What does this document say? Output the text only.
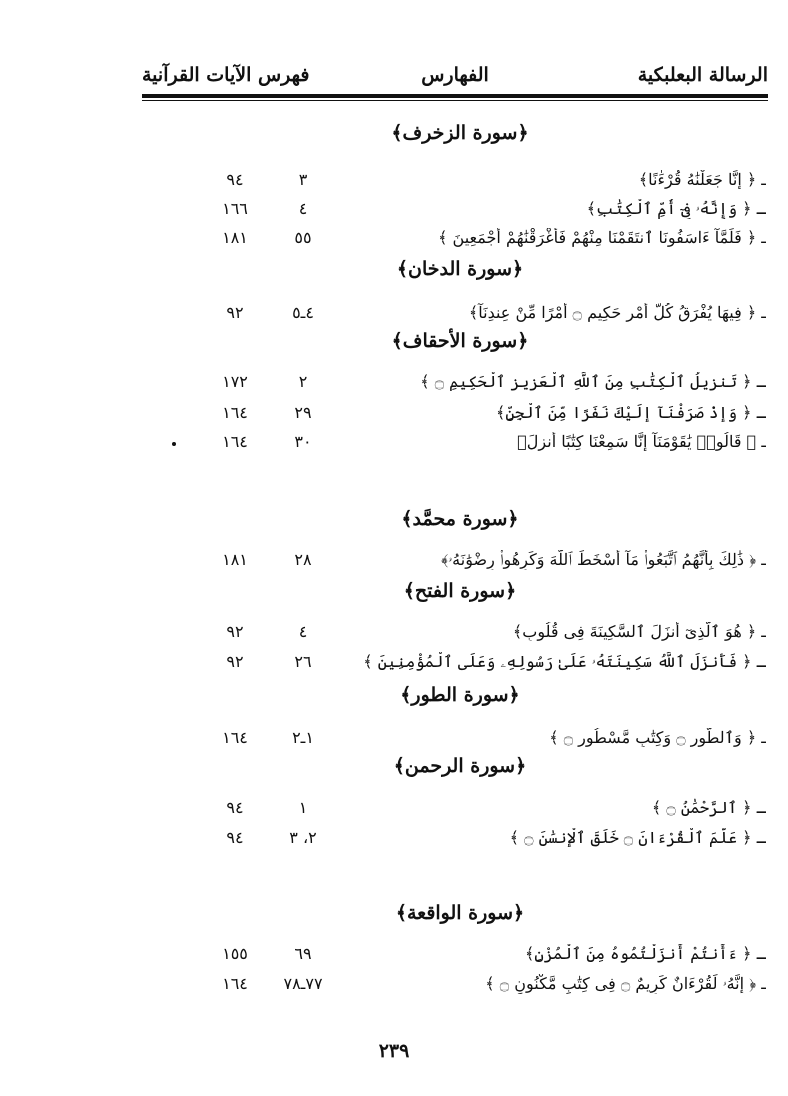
الرسالة البعلبكية
الفهارس
فهرس الآيات القرآنية
﴿سورة الزخرف﴾
ـ ﴿ إِنَّا جَعَلْنَٰهُ قُرْءَٰنًا﴾
٣
٩٤
ـ ﴿ وَإِنَّهُۥ فِىٓ أُمِّ ٱلْكِتَٰبِ﴾
٤
١٦٦
ـ ﴿ فَلَمَّآ ءَاسَفُونَا ٱنتَقَمْنَا مِنْهُمْ فَأَغْرَقْنَٰهُمْ أَجْمَعِينَ ﴾
٥٥
١٨١
﴿سورة الدخان﴾
ـ ﴿ فِيهَا يُفْرَقُ كُلُّ أَمْرٍ حَكِيمٍ ۝ أَمْرًا مِّنْ عِندِنَآ﴾
٤ـ٥
٩٢
﴿سورة الأحقاف﴾
ـ ﴿ تَنزِيلُ ٱلْكِتَٰبِ مِنَ ٱللَّهِ ٱلْعَزِيزِ ٱلْحَكِيمِ ۝ ﴾
٢
١٧٢
ـ ﴿ وَإِذْ صَرَفْنَآ إِلَيْكَ نَفَرًا مِّنَ ٱلْجِنِّ﴾
٢٩
١٦٤
ـ ﴿ قَالُوا۟ يَٰقَوْمَنَآ إِنَّا سَمِعْنَا كِتَٰبًا أُنزِلَ﴾
٣٠
١٦٤
﴿سورة محمَّد﴾
ـ ﴿ ذَٰلِكَ بِأَنَّهُمُ ٱتَّبَعُوا۟ مَآ أَسْخَطَ ٱللَّهَ وَكَرِهُوا۟ رِضْوَٰنَهُۥ﴾
٢٨
١٨١
﴿سورة الفتح﴾
ـ ﴿ هُوَ ٱلَّذِىٓ أَنزَلَ ٱلسَّكِينَةَ فِى قُلُوبِ﴾
٤
٩٢
ـ ﴿ فَأَنزَلَ ٱللَّهُ سَكِينَتَهُۥ عَلَىٰ رَسُولِهِۦ وَعَلَى ٱلْمُؤْمِنِينَ ﴾
٢٦
٩٢
﴿سورة الطور﴾
ـ ﴿ وَٱلطُّورِ ۝ وَكِتَٰبٍ مَّسْطُورٍ ۝ ﴾
١ـ٢
١٦٤
﴿سورة الرحمن﴾
ـ ﴿ ٱلرَّحْمَٰنُ ۝ ﴾
١
٩٤
ـ ﴿ عَلَّمَ ٱلْقُرْءَانَ ۝ خَلَقَ ٱلْإِنسَٰنَ ۝ ﴾
٢، ٣
٩٤
﴿سورة الواقعة﴾
ـ ﴿ ءَأَنتُمْ أَنزَلْتُمُوهُ مِنَ ٱلْمُزْنِ﴾
٦٩
١٥٥
ـ ﴿ إِنَّهُۥ لَقُرْءَانٌ كَرِيمٌ ۝ فِى كِتَٰبٍ مَّكْنُونٍ ۝ ﴾
٧٧ـ٧٨
١٦٤
٢٣٩
